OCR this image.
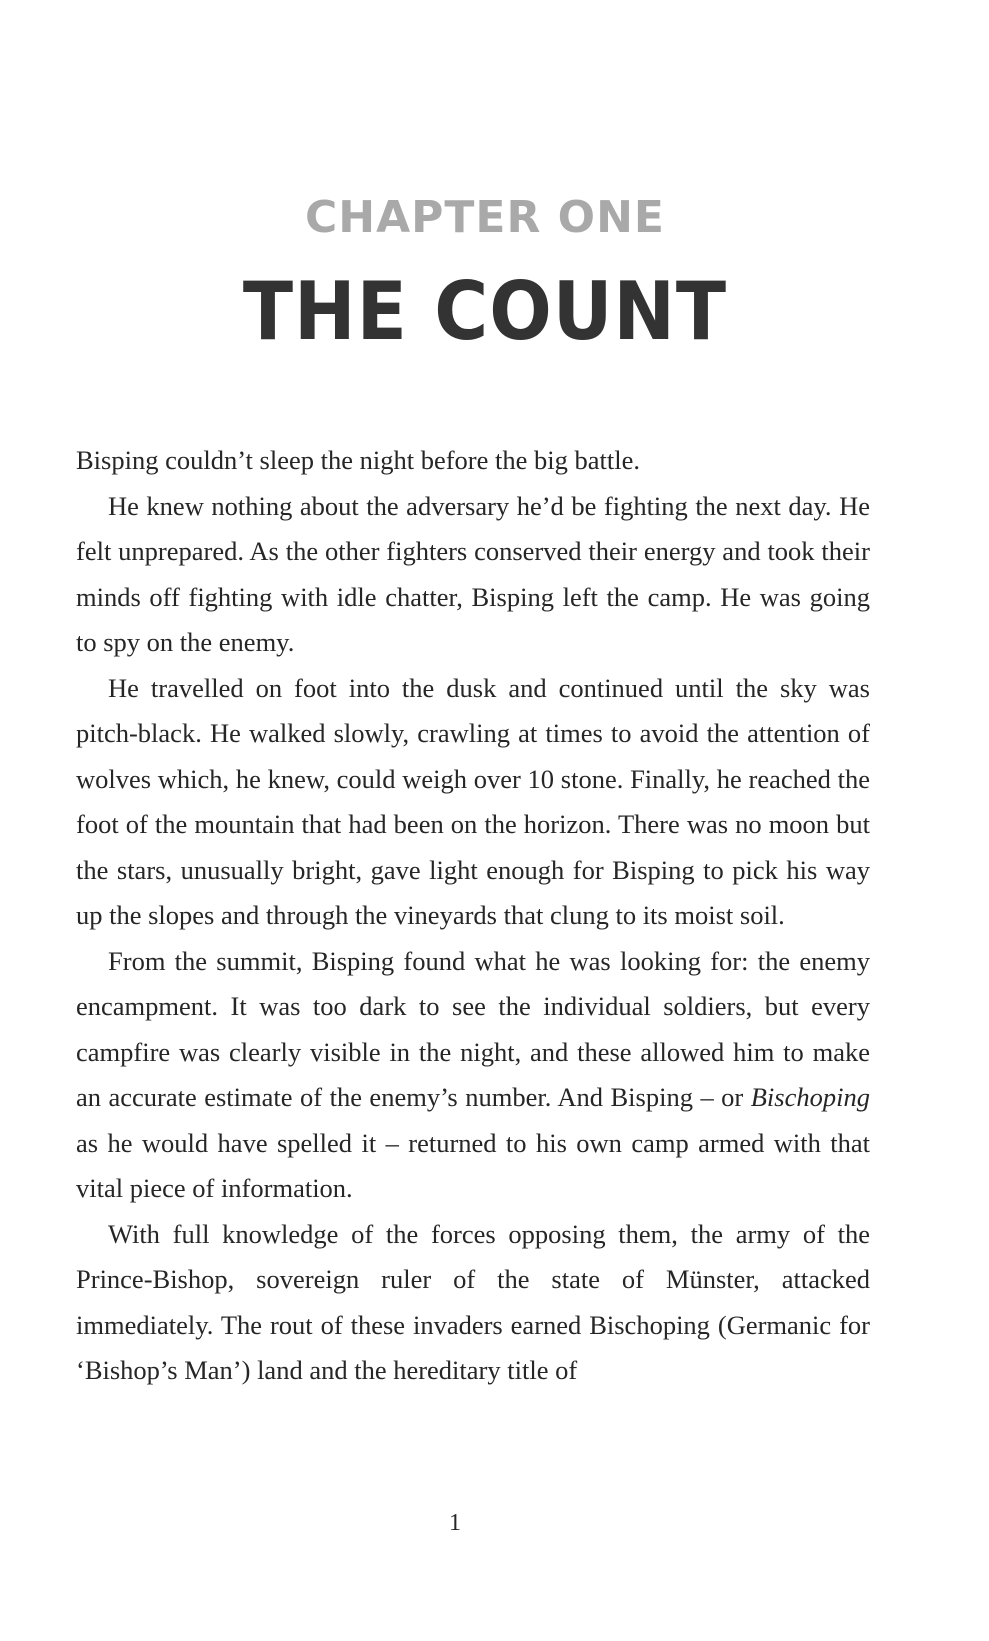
CHAPTER ONE
THE COUNT

Bisping couldn’t sleep the night before the big battle.

He knew nothing about the adversary he’d be fighting the next day. He felt unprepared. As the other fighters conserved their energy and took their minds off fighting with idle chatter, Bisping left the camp. He was going to spy on the enemy.

He travelled on foot into the dusk and continued until the sky was pitch-black. He walked slowly, crawling at times to avoid the attention of wolves which, he knew, could weigh over 10 stone. Finally, he reached the foot of the mountain that had been on the horizon. There was no moon but the stars, unusually bright, gave light enough for Bisping to pick his way up the slopes and through the vineyards that clung to its moist soil.

From the summit, Bisping found what he was looking for: the enemy encampment. It was too dark to see the individual soldiers, but every campfire was clearly visible in the night, and these allowed him to make an accurate estimate of the enemy’s number. And Bisping – or Bischoping as he would have spelled it – returned to his own camp armed with that vital piece of information.

With full knowledge of the forces opposing them, the army of the Prince-Bishop, sovereign ruler of the state of Münster, attacked immediately. The rout of these invaders earned Bischoping (Germanic for ‘Bishop’s Man’) land and the hereditary title of

1
